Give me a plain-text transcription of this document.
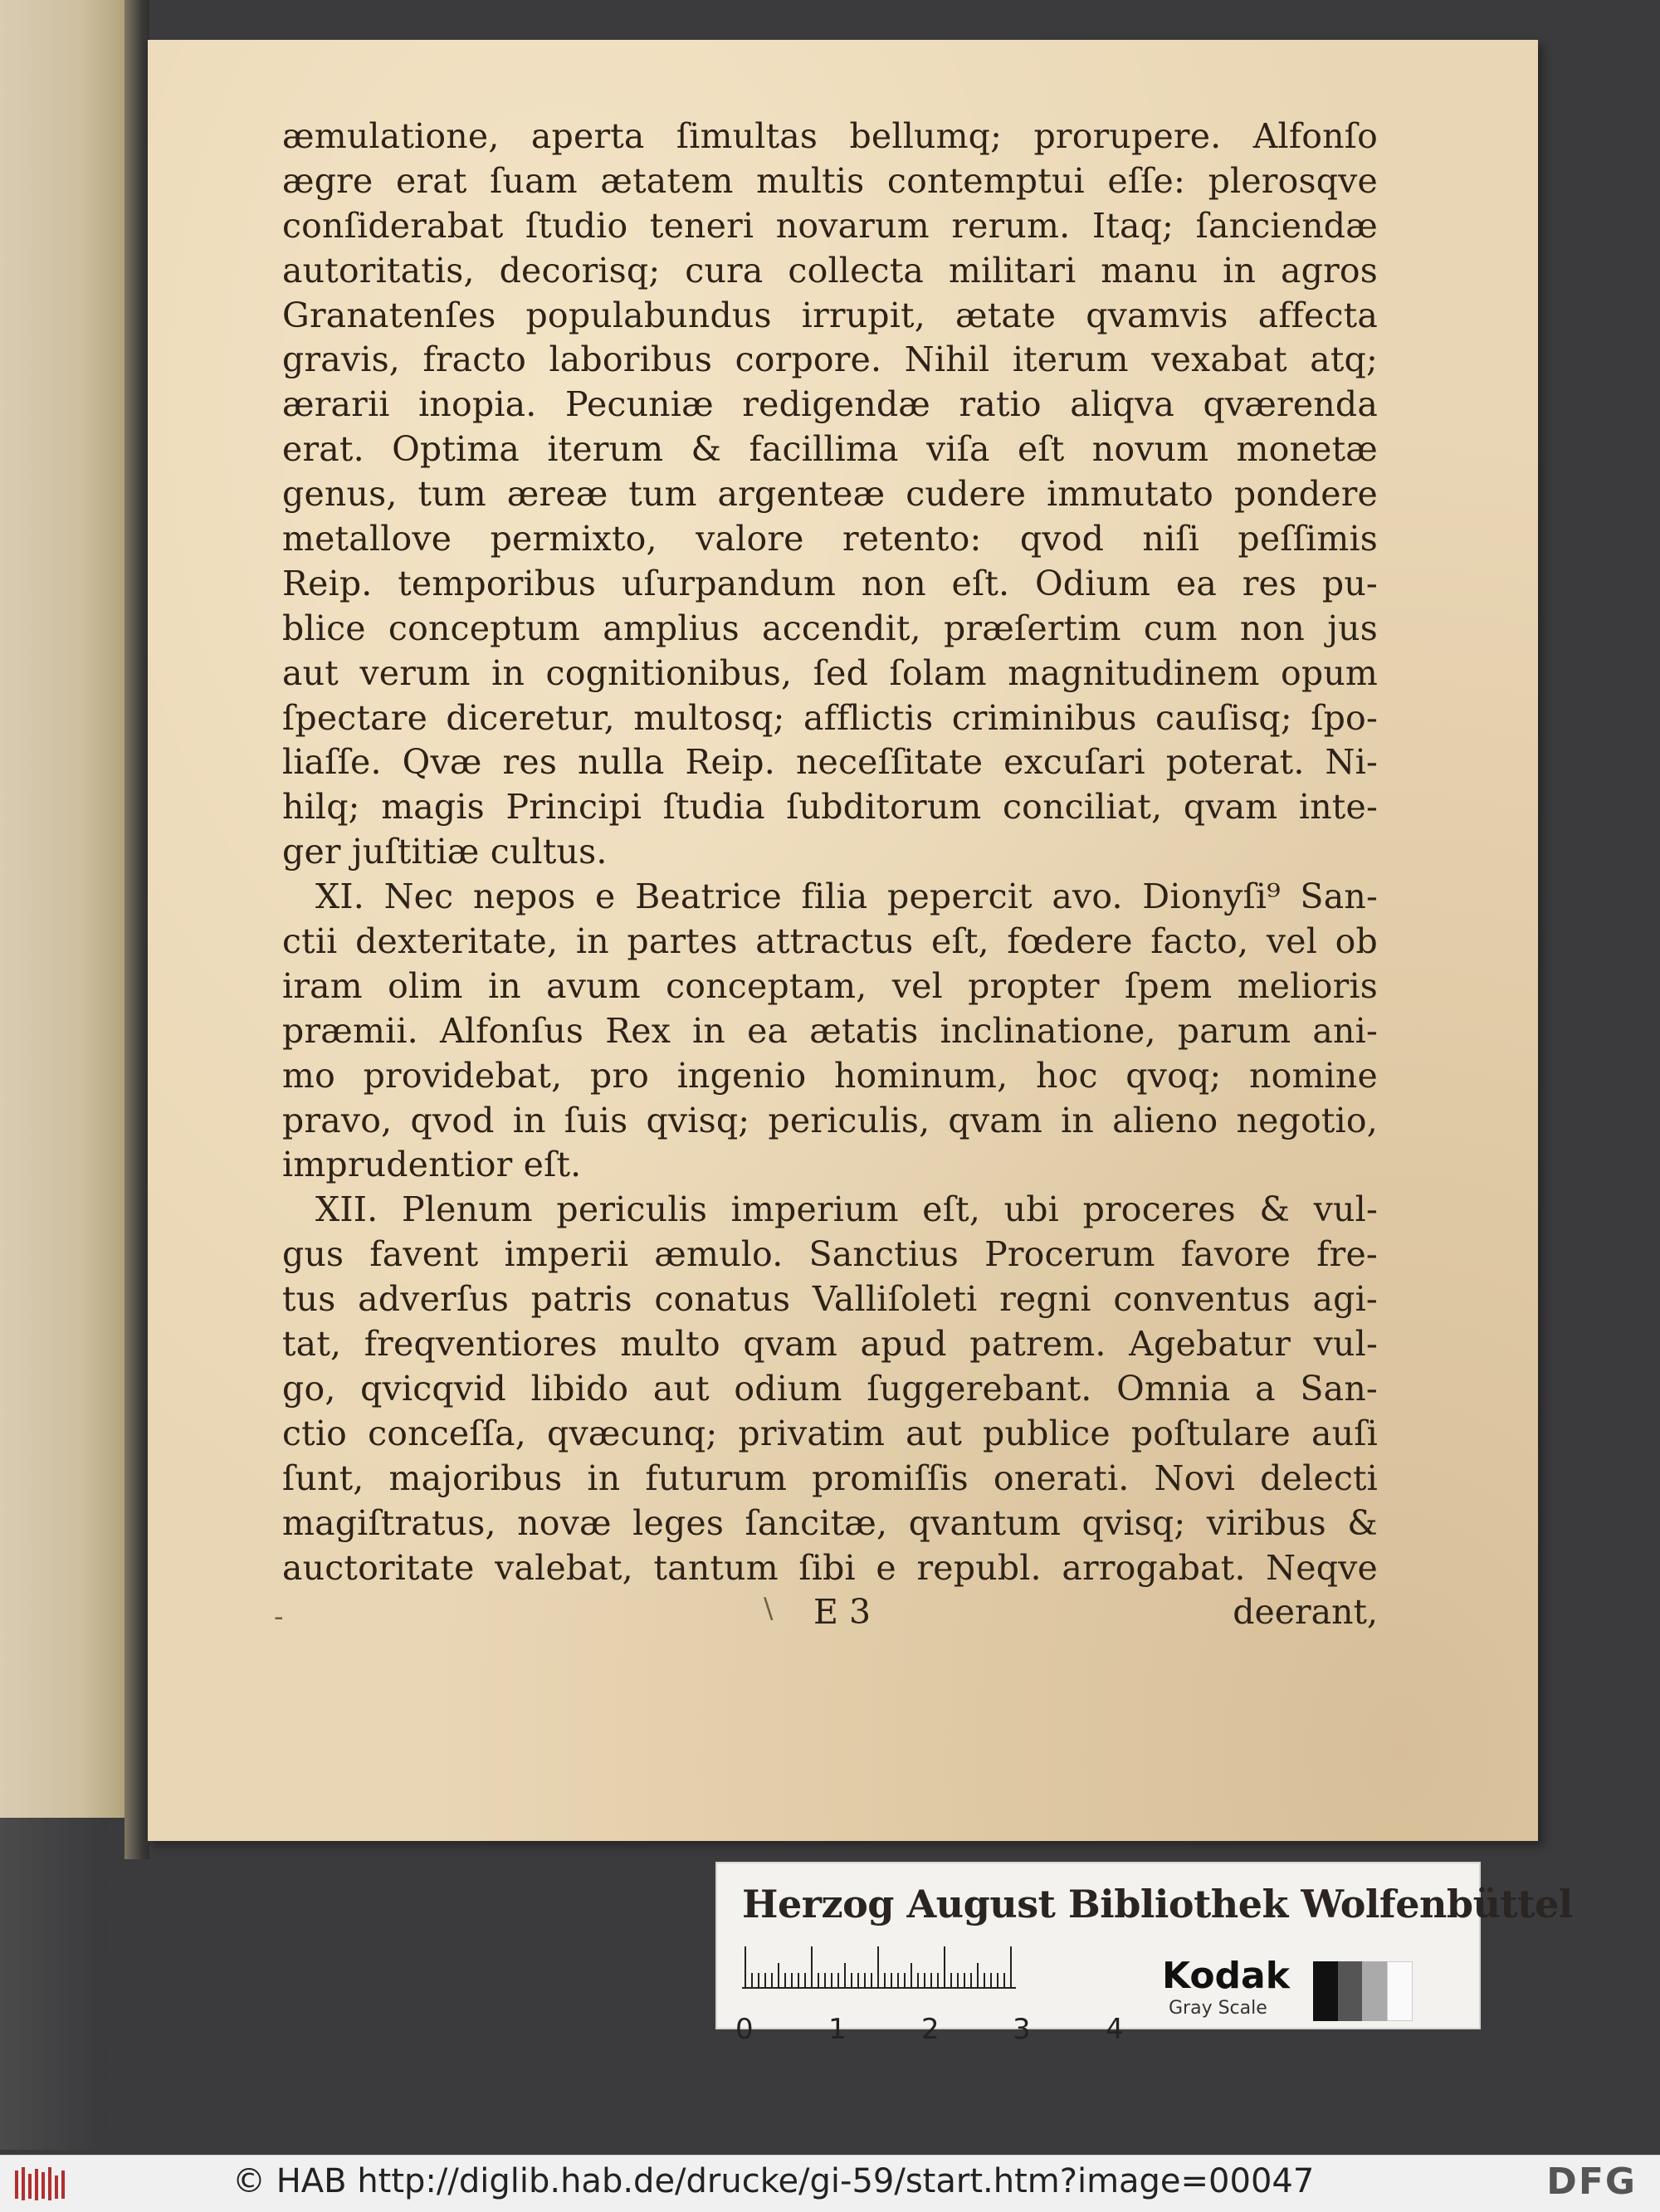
æmulatione, aperta ſimultas bellumq; prorupere. Alfonſo
ægre erat ſuam ætatem multis contemptui eſſe: plerosqve
conſiderabat ſtudio teneri novarum rerum. Itaq; ſanciendæ
autoritatis, decorisq; cura collecta militari manu in agros
Granatenſes populabundus irrupit, ætate qvamvis affecta
gravis, fracto laboribus corpore. Nihil iterum vexabat atq;
ærarii inopia. Pecuniæ redigendæ ratio aliqva qværenda
erat. Optima iterum & facillima viſa eſt novum monetæ
genus, tum æreæ tum argenteæ cudere immutato pondere
metallove permixto, valore retento: qvod niſi peſſimis
Reip. temporibus uſurpandum non eſt. Odium ea res pu-
blice conceptum amplius accendit, præſertim cum non jus
aut verum in cognitionibus, ſed ſolam magnitudinem opum
ſpectare diceretur, multosq; afflictis criminibus cauſisq; ſpo-
liaſſe. Qvæ res nulla Reip. neceſſitate excuſari poterat. Ni-
hilq; magis Principi ſtudia ſubditorum conciliat, qvam inte-
ger juſtitiæ cultus.
XI. Nec nepos e Beatrice filia pepercit avo. Dionyſi⁹ San-
ctii dexteritate, in partes attractus eſt, fœdere facto, vel ob
iram olim in avum conceptam, vel propter ſpem melioris
præmii. Alfonſus Rex in ea ætatis inclinatione, parum ani-
mo providebat, pro ingenio hominum, hoc qvoq; nomine
pravo, qvod in ſuis qvisq; periculis, qvam in alieno negotio,
imprudentior eſt.
XII. Plenum periculis imperium eſt, ubi proceres & vul-
gus favent imperii æmulo. Sanctius Procerum favore fre-
tus adverſus patris conatus Valliſoleti regni conventus agi-
tat, freqventiores multo qvam apud patrem. Agebatur vul-
go, qvicqvid libido aut odium ſuggerebant. Omnia a San-
ctio conceſſa, qvæcunq; privatim aut publice poſtulare auſi
ſunt, majoribus in futurum promiſſis onerati. Novi delecti
magiſtratus, novæ leges ſancitæ, qvantum qvisq; viribus &
auctoritate valebat, tantum ſibi e republ. arrogabat. Neqve
-	\ E 3	deerant,
Herzog August Bibliothek Wolfenbüttel
0	1	2	3	4
Kodak
Gray Scale
© HAB http://diglib.hab.de/drucke/gi-59/start.htm?image=00047	DFG
